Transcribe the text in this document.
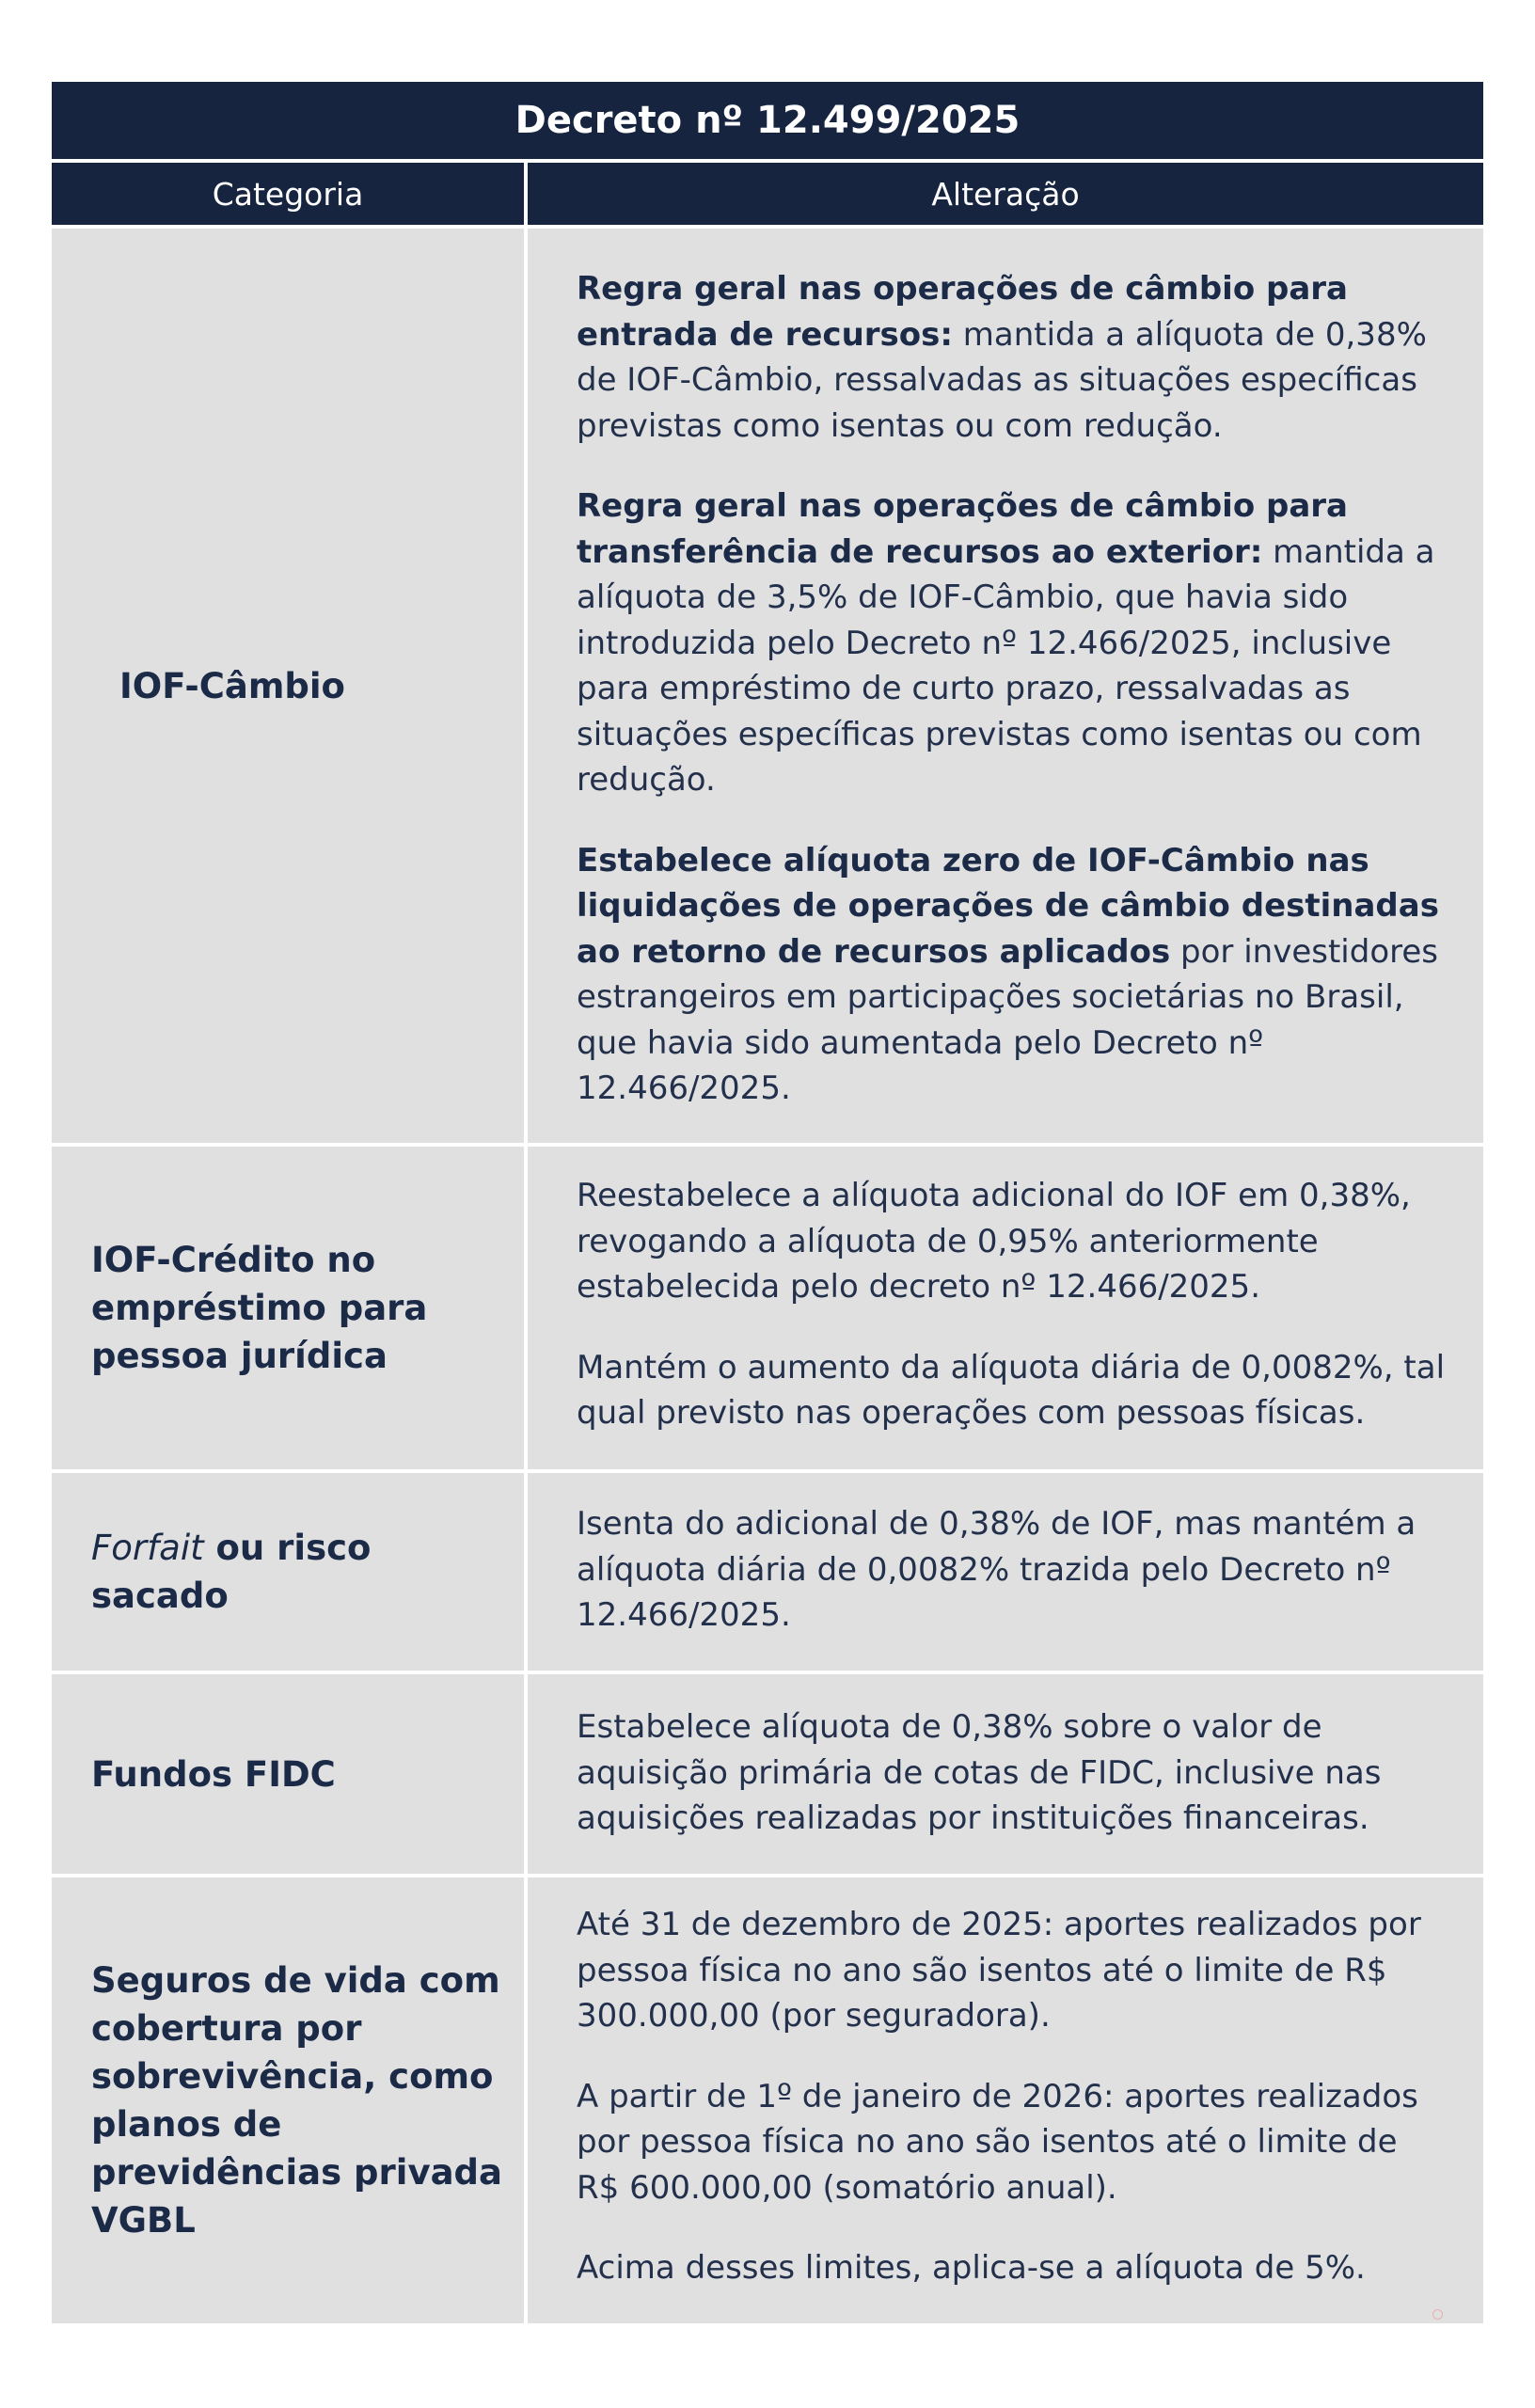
Decreto nº 12.499/2025
Categoria	Alteração
IOF-Câmbio

Regra geral nas operações de câmbio para entrada de recursos: mantida a alíquota de 0,38% de IOF-Câmbio, ressalvadas as situações específicas previstas como isentas ou com redução.

Regra geral nas operações de câmbio para transferência de recursos ao exterior: mantida a alíquota de 3,5% de IOF-Câmbio, que havia sido introduzida pelo Decreto nº 12.466/2025, inclusive para empréstimo de curto prazo, ressalvadas as situações específicas previstas como isentas ou com redução.

Estabelece alíquota zero de IOF-Câmbio nas liquidações de operações de câmbio destinadas ao retorno de recursos aplicados por investidores estrangeiros em participações societárias no Brasil, que havia sido aumentada pelo Decreto nº 12.466/2025.

IOF-Crédito no empréstimo para pessoa jurídica

Reestabelece a alíquota adicional do IOF em 0,38%, revogando a alíquota de 0,95% anteriormente estabelecida pelo decreto nº 12.466/2025.

Mantém o aumento da alíquota diária de 0,0082%, tal qual previsto nas operações com pessoas físicas.

Forfait ou risco sacado

Isenta do adicional de 0,38% de IOF, mas mantém a alíquota diária de 0,0082% trazida pelo Decreto nº 12.466/2025.

Fundos FIDC

Estabelece alíquota de 0,38% sobre o valor de aquisição primária de cotas de FIDC, inclusive nas aquisições realizadas por instituições financeiras.

Seguros de vida com cobertura por sobrevivência, como planos de previdências privada VGBL

Até 31 de dezembro de 2025: aportes realizados por pessoa física no ano são isentos até o limite de R$ 300.000,00 (por seguradora).

A partir de 1º de janeiro de 2026: aportes realizados por pessoa física no ano são isentos até o limite de R$ 600.000,00 (somatório anual).

Acima desses limites, aplica-se a alíquota de 5%.
